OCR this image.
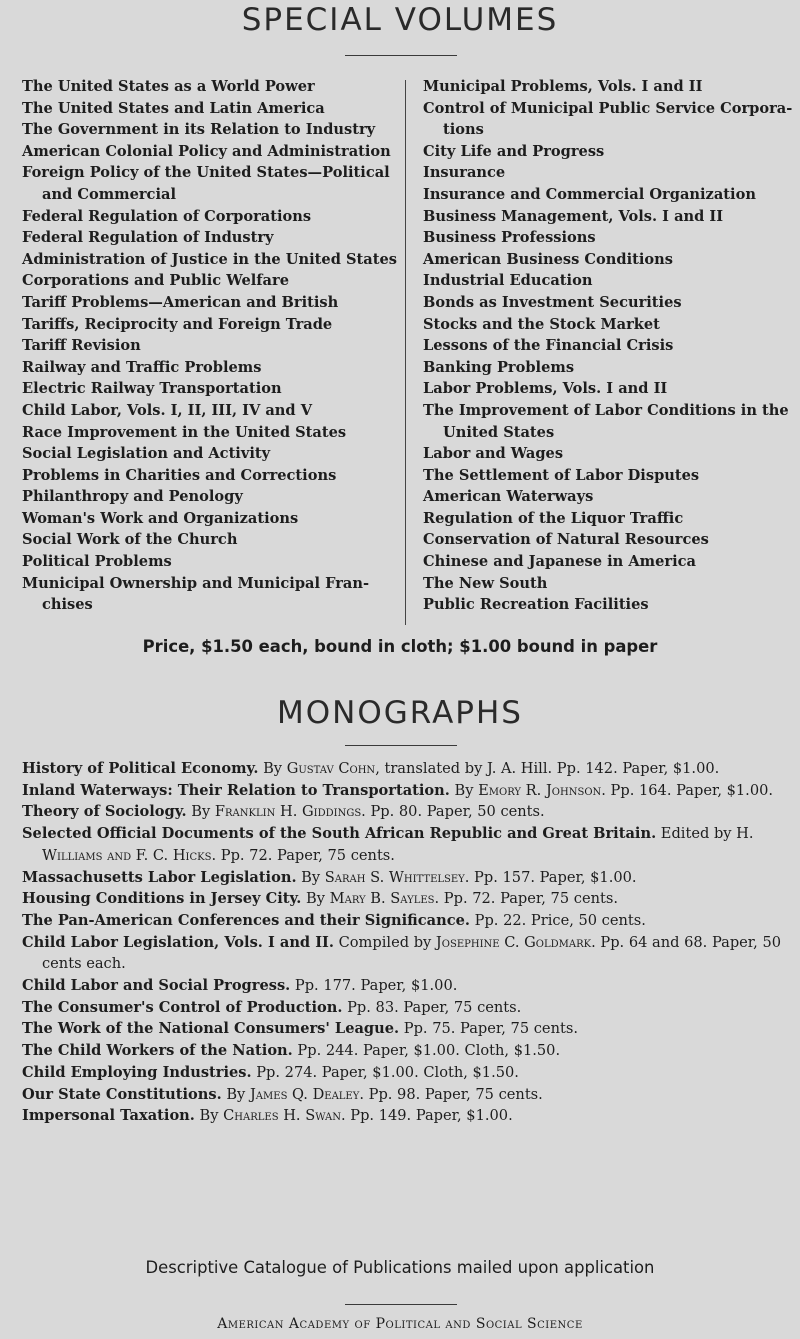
SPECIAL VOLUMES
The United States as a World Power
The United States and Latin America
The Government in its Relation to Industry
American Colonial Policy and Administration
Foreign Policy of the United States—Political and Commercial
Federal Regulation of Corporations
Federal Regulation of Industry
Administration of Justice in the United States
Corporations and Public Welfare
Tariff Problems—American and British
Tariffs, Reciprocity and Foreign Trade
Tariff Revision
Railway and Traffic Problems
Electric Railway Transportation
Child Labor, Vols. I, II, III, IV and V
Race Improvement in the United States
Social Legislation and Activity
Problems in Charities and Corrections
Philanthropy and Penology
Woman's Work and Organizations
Social Work of the Church
Political Problems
Municipal Ownership and Municipal Fran- chises
Municipal Problems, Vols. I and II
Control of Municipal Public Service Corpora- tions
City Life and Progress
Insurance
Insurance and Commercial Organization
Business Management, Vols. I and II
Business Professions
American Business Conditions
Industrial Education
Bonds as Investment Securities
Stocks and the Stock Market
Lessons of the Financial Crisis
Banking Problems
Labor Problems, Vols. I and II
The Improvement of Labor Conditions in the United States
Labor and Wages
The Settlement of Labor Disputes
American Waterways
Regulation of the Liquor Traffic
Conservation of Natural Resources
Chinese and Japanese in America
The New South
Public Recreation Facilities
Price, $1.50 each, bound in cloth; $1.00 bound in paper
MONOGRAPHS
History of Political Economy. By Gustav Cohn, translated by J. A. Hill. Pp. 142. Paper, $1.00.
Inland Waterways: Their Relation to Transportation. By Emory R. Johnson. Pp. 164. Paper, $1.00.
Theory of Sociology. By Franklin H. Giddings. Pp. 80. Paper, 50 cents.
Selected Official Documents of the South African Republic and Great Britain. Edited by H. Williams and F. C. Hicks. Pp. 72. Paper, 75 cents.
Massachusetts Labor Legislation. By Sarah S. Whittelsey. Pp. 157. Paper, $1.00.
Housing Conditions in Jersey City. By Mary B. Sayles. Pp. 72. Paper, 75 cents.
The Pan-American Conferences and their Significance. Pp. 22. Price, 50 cents.
Child Labor Legislation, Vols. I and II. Compiled by Josephine C. Goldmark. Pp. 64 and 68. Paper, 50 cents each.
Child Labor and Social Progress. Pp. 177. Paper, $1.00.
The Consumer's Control of Production. Pp. 83. Paper, 75 cents.
The Work of the National Consumers' League. Pp. 75. Paper, 75 cents.
The Child Workers of the Nation. Pp. 244. Paper, $1.00. Cloth, $1.50.
Child Employing Industries. Pp. 274. Paper, $1.00. Cloth, $1.50.
Our State Constitutions. By James Q. Dealey. Pp. 98. Paper, 75 cents.
Impersonal Taxation. By Charles H. Swan. Pp. 149. Paper, $1.00.
Descriptive Catalogue of Publications mailed upon application
American Academy of Political and Social Science
